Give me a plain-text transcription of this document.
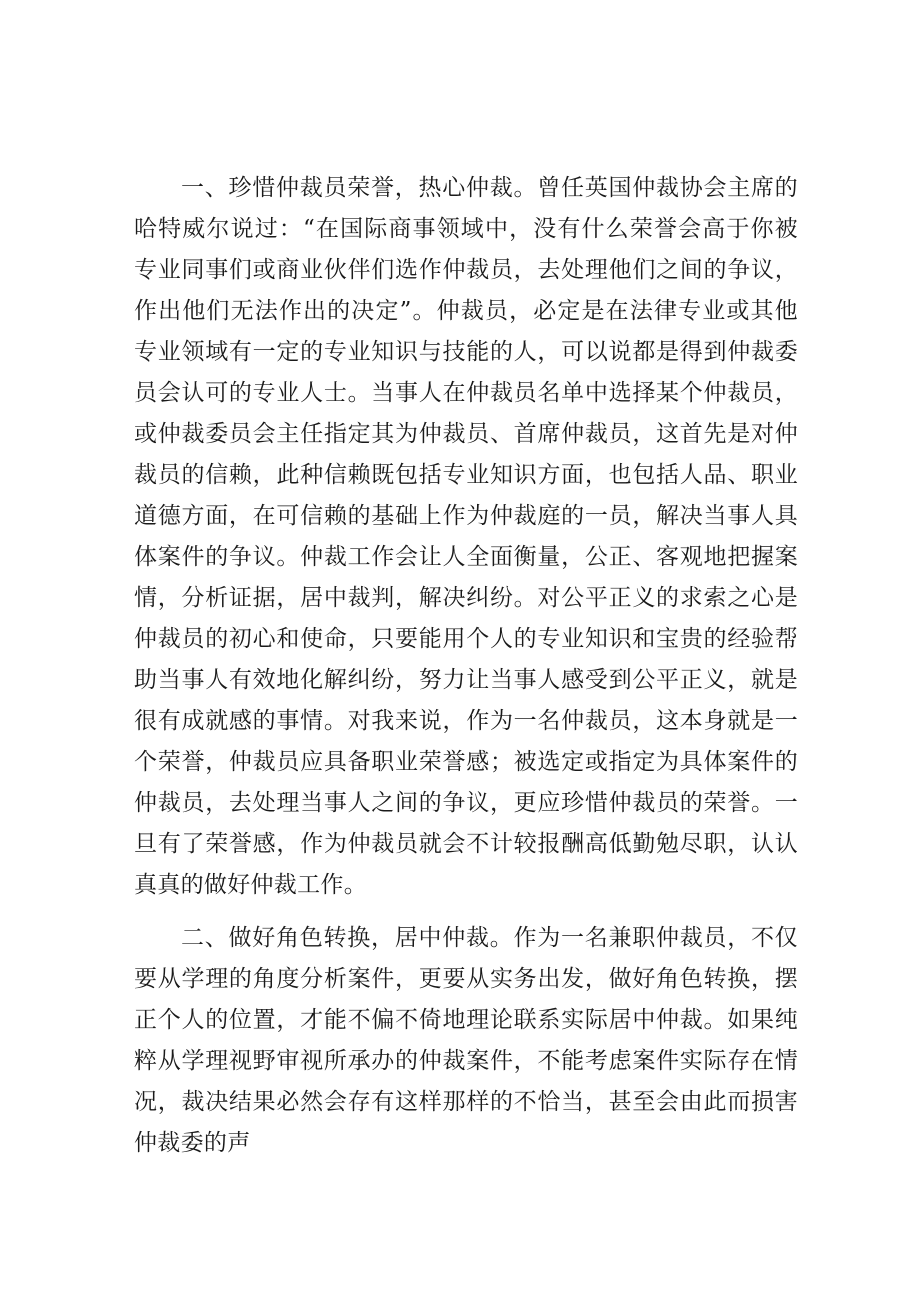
一、珍惜仲裁员荣誉，热心仲裁。曾任英国仲裁协会主席的哈特威尔说过：“在国际商事领域中，没有什么荣誉会高于你被专业同事们或商业伙伴们选作仲裁员，去处理他们之间的争议，作出他们无法作出的决定”。仲裁员，必定是在法律专业或其他专业领域有一定的专业知识与技能的人，可以说都是得到仲裁委员会认可的专业人士。当事人在仲裁员名单中选择某个仲裁员，或仲裁委员会主任指定其为仲裁员、首席仲裁员，这首先是对仲裁员的信赖，此种信赖既包括专业知识方面，也包括人品、职业道德方面，在可信赖的基础上作为仲裁庭的一员，解决当事人具体案件的争议。仲裁工作会让人全面衡量，公正、客观地把握案情，分析证据，居中裁判，解决纠纷。对公平正义的求索之心是仲裁员的初心和使命，只要能用个人的专业知识和宝贵的经验帮助当事人有效地化解纠纷，努力让当事人感受到公平正义，就是很有成就感的事情。对我来说，作为一名仲裁员，这本身就是一个荣誉，仲裁员应具备职业荣誉感；被选定或指定为具体案件的仲裁员，去处理当事人之间的争议，更应珍惜仲裁员的荣誉。一旦有了荣誉感，作为仲裁员就会不计较报酬高低勤勉尽职，认认真真的做好仲裁工作。

二、做好角色转换，居中仲裁。作为一名兼职仲裁员，不仅要从学理的角度分析案件，更要从实务出发，做好角色转换，摆正个人的位置，才能不偏不倚地理论联系实际居中仲裁。如果纯粹从学理视野审视所承办的仲裁案件，不能考虑案件实际存在情况，裁决结果必然会存有这样那样的不恰当，甚至会由此而损害仲裁委的声
